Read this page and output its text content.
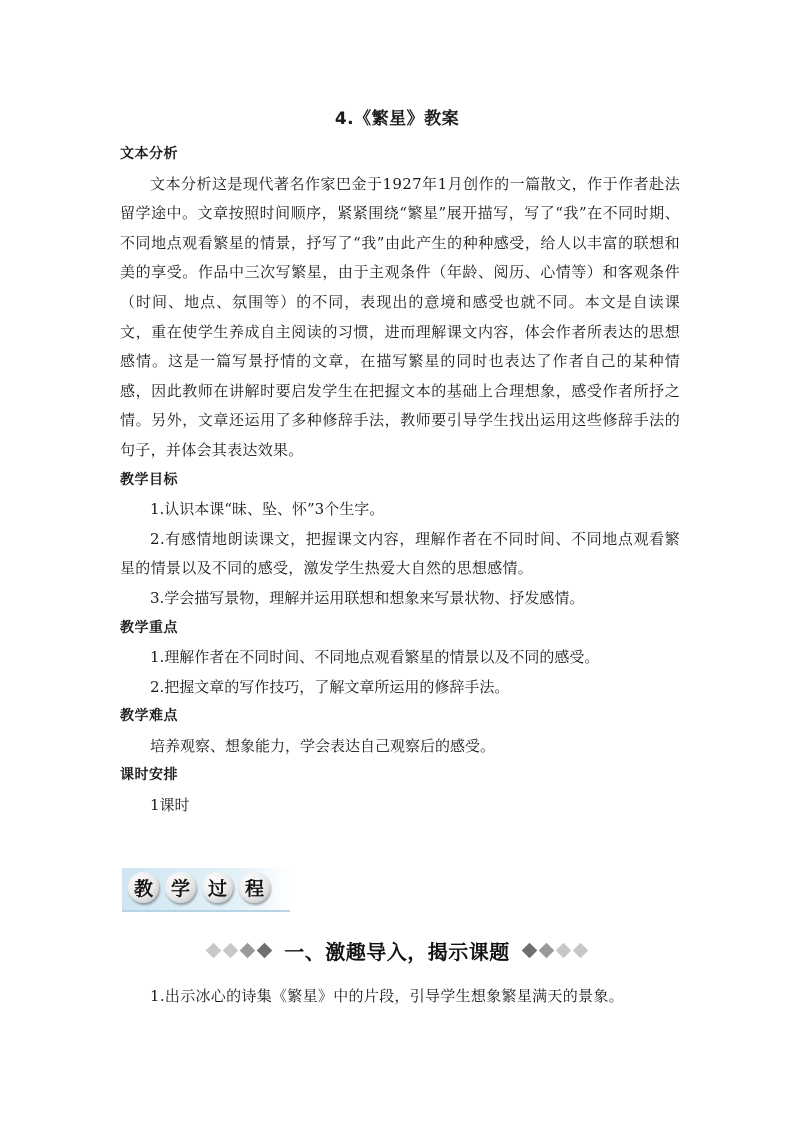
4.《繁星》教案

文本分析

文本分析这是现代著名作家巴金于1927年1月创作的一篇散文，作于作者赴法留学途中。文章按照时间顺序，紧紧围绕“繁星”展开描写，写了“我”在不同时期、不同地点观看繁星的情景，抒写了“我”由此产生的种种感受，给人以丰富的联想和美的享受。作品中三次写繁星，由于主观条件（年龄、阅历、心情等）和客观条件（时间、地点、氛围等）的不同，表现出的意境和感受也就不同。本文是自读课文，重在使学生养成自主阅读的习惯，进而理解课文内容，体会作者所表达的思想感情。这是一篇写景抒情的文章，在描写繁星的同时也表达了作者自己的某种情感，因此教师在讲解时要启发学生在把握文本的基础上合理想象，感受作者所抒之情。另外，文章还运用了多种修辞手法，教师要引导学生找出运用这些修辞手法的句子，并体会其表达效果。

教学目标

1.认识本课“昧、坠、怀”3个生字。

2.有感情地朗读课文，把握课文内容，理解作者在不同时间、不同地点观看繁星的情景以及不同的感受，激发学生热爱大自然的思想感情。

3.学会描写景物，理解并运用联想和想象来写景状物、抒发感情。

教学重点

1.理解作者在不同时间、不同地点观看繁星的情景以及不同的感受。

2.把握文章的写作技巧，了解文章所运用的修辞手法。

教学难点

培养观察、想象能力，学会表达自己观察后的感受。

课时安排

1课时

教 学 过 程
一、激趣导入，揭示课题

1.出示冰心的诗集《繁星》中的片段，引导学生想象繁星满天的景象。
